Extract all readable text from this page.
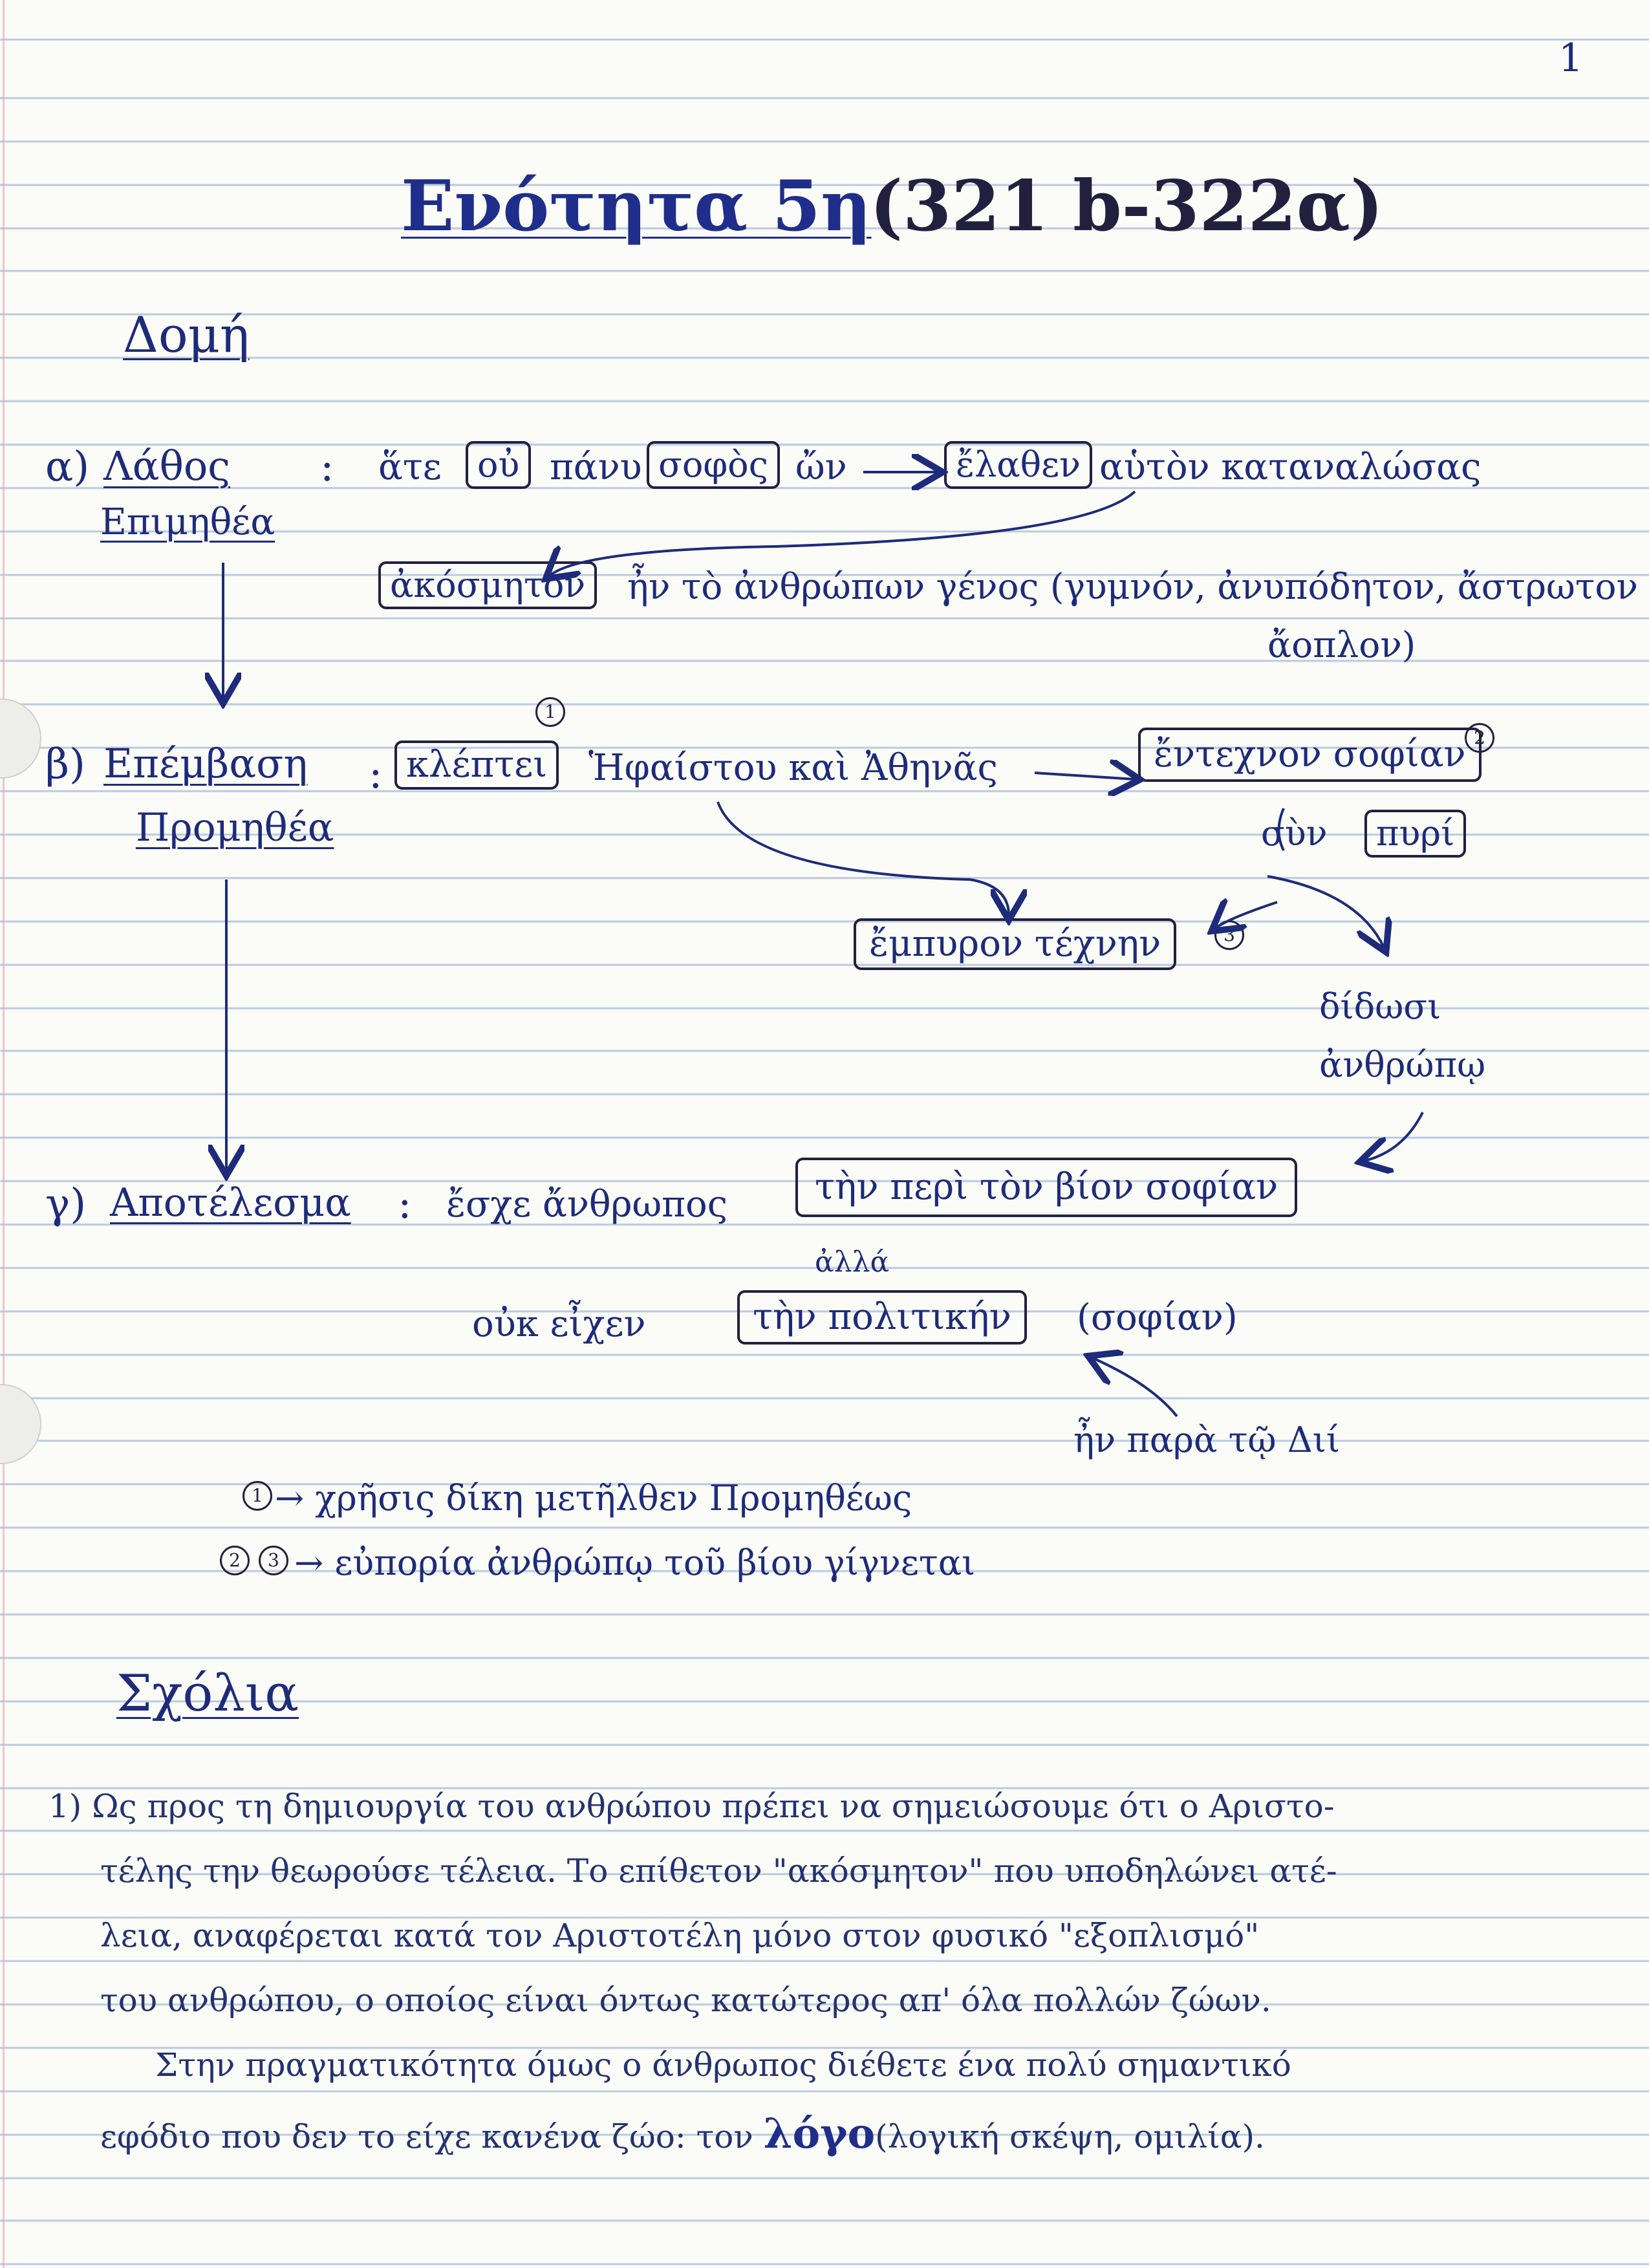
1
Ενότητα 5η
(321 b-322α)
Δομή
α) Λάθος
Επιμηθέα
: ἅτε	οὐ πάνυ σοφὸς ὤν	ἔλαθεν αὑτὸν καταναλώσας
ἀκόσμητον	ἦν τὸ ἀνθρώπων γένος (γυμνόν, ἀνυπόδητον, ἄστρωτον
ἄοπλον)
β) Επέμβαση
Προμηθέα
: κλέπτει
1
Ἡφαίστου καὶ Ἀθηνᾶς	ἔντεχνον σοφίαν 2
σὺν	πυρί
ἔμπυρον τέχνην	3
δίδωσι
ἀνθρώπῳ
γ) Αποτέλεσμα : ἔσχε ἄνθρωπος	τὴν περὶ τὸν βίον σοφίαν
ἀλλά
οὐκ εἶχεν	τὴν πολιτικήν	(σοφίαν)
ἦν παρὰ τῷ Διί
1 → χρῆσις δίκη μετῆλθεν Προμηθέως
2	3 → εὐπορία ἀνθρώπῳ τοῦ βίου γίγνεται
Σχόλια
1) Ως προς τη δημιουργία του ανθρώπου πρέπει να σημειώσουμε ότι ο Αριστο-
τέλης την θεωρούσε τέλεια. Το επίθετον "ακόσμητον" που υποδηλώνει ατέ-
λεια, αναφέρεται κατά τον Αριστοτέλη μόνο στον φυσικό "εξοπλισμό"
του ανθρώπου, ο οποίος είναι όντως κατώτερος απ' όλα πολλών ζώων.
Στην πραγματικότητα όμως ο άνθρωπος διέθετε ένα πολύ σημαντικό
εφόδιο που δεν το είχε κανένα ζώο: τον λόγο(λογική σκέψη, ομιλία).
